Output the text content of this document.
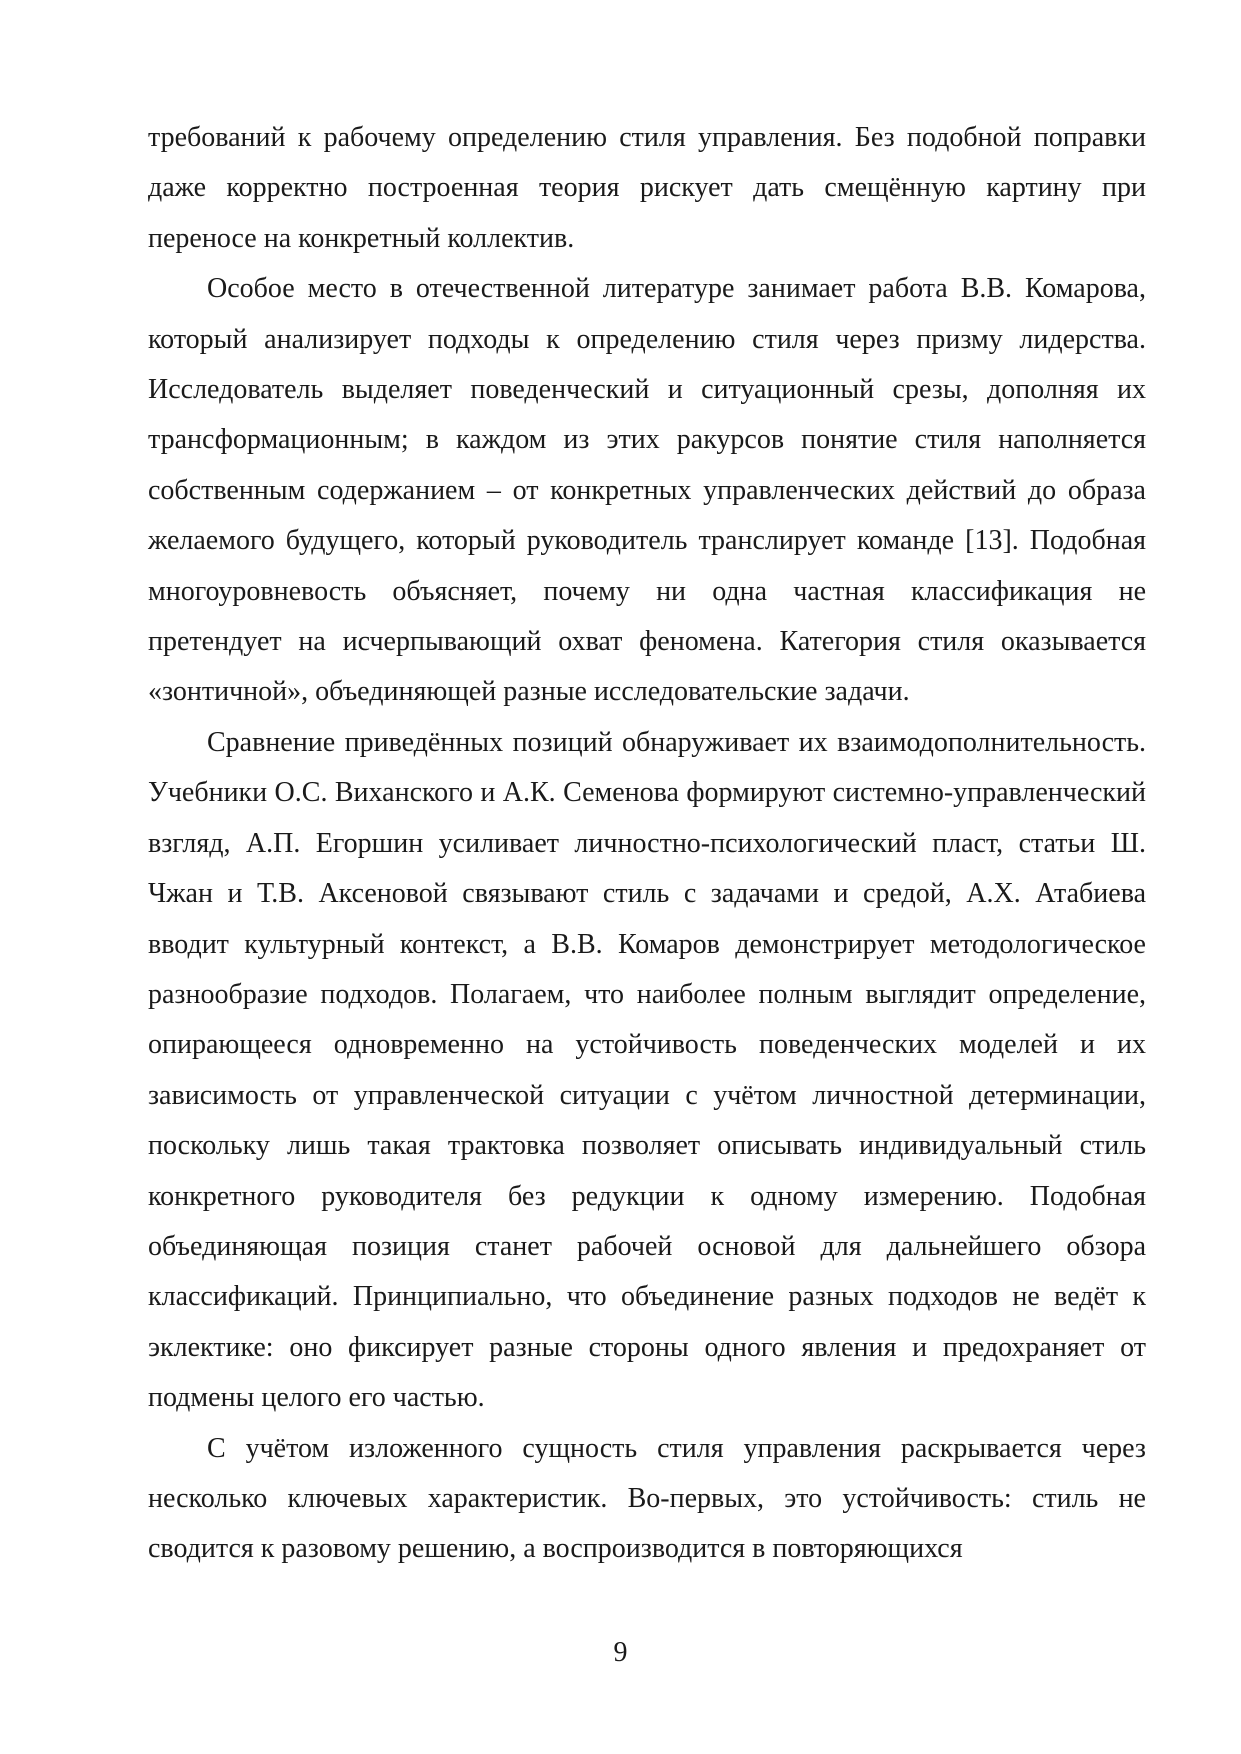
требований к рабочему определению стиля управления. Без подобной поправки даже корректно построенная теория рискует дать смещённую картину при переносе на конкретный коллектив.

Особое место в отечественной литературе занимает работа В.В. Комарова, который анализирует подходы к определению стиля через призму лидерства. Исследователь выделяет поведенческий и ситуационный срезы, дополняя их трансформационным; в каждом из этих ракурсов понятие стиля наполняется собственным содержанием – от конкретных управленческих действий до образа желаемого будущего, который руководитель транслирует команде [13]. Подобная многоуровневость объясняет, почему ни одна частная классификация не претендует на исчерпывающий охват феномена. Категория стиля оказывается «зонтичной», объединяющей разные исследовательские задачи.

Сравнение приведённых позиций обнаруживает их взаимодополнительность. Учебники О.С. Виханского и А.К. Семенова формируют системно-управленческий взгляд, А.П. Егоршин усиливает личностно-психологический пласт, статьи Ш. Чжан и Т.В. Аксеновой связывают стиль с задачами и средой, А.Х. Атабиева вводит культурный контекст, а В.В. Комаров демонстрирует методологическое разнообразие подходов. Полагаем, что наиболее полным выглядит определение, опирающееся одновременно на устойчивость поведенческих моделей и их зависимость от управленческой ситуации с учётом личностной детерминации, поскольку лишь такая трактовка позволяет описывать индивидуальный стиль конкретного руководителя без редукции к одному измерению. Подобная объединяющая позиция станет рабочей основой для дальнейшего обзора классификаций. Принципиально, что объединение разных подходов не ведёт к эклектике: оно фиксирует разные стороны одного явления и предохраняет от подмены целого его частью.

С учётом изложенного сущность стиля управления раскрывается через несколько ключевых характеристик. Во-первых, это устойчивость: стиль не сводится к разовому решению, а воспроизводится в повторяющихся

9
